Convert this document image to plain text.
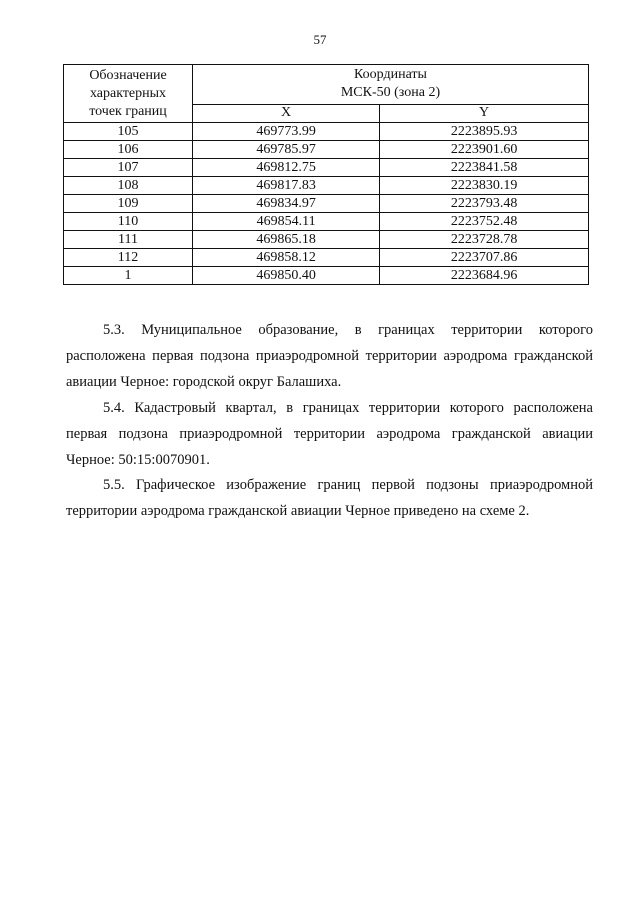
57
Обозначение
характерных
точек границ	Координаты
МСК-50 (зона 2)	
	X	Y
105	469773.99	2223895.93
106	469785.97	2223901.60
107	469812.75	2223841.58
108	469817.83	2223830.19
109	469834.97	2223793.48
110	469854.11	2223752.48
111	469865.18	2223728.78
112	469858.12	2223707.86
1	469850.40	2223684.96

5.3. Муниципальное образование, в границах территории которого расположена первая подзона приаэродромной территории аэродрома гражданской авиации Черное: городской округ Балашиха.

5.4. Кадастровый квартал, в границах территории которого расположена первая подзона приаэродромной территории аэродрома гражданской авиации Черное: 50:15:0070901.

5.5. Графическое изображение границ первой подзоны приаэродромной территории аэродрома гражданской авиации Черное приведено на схеме 2.
